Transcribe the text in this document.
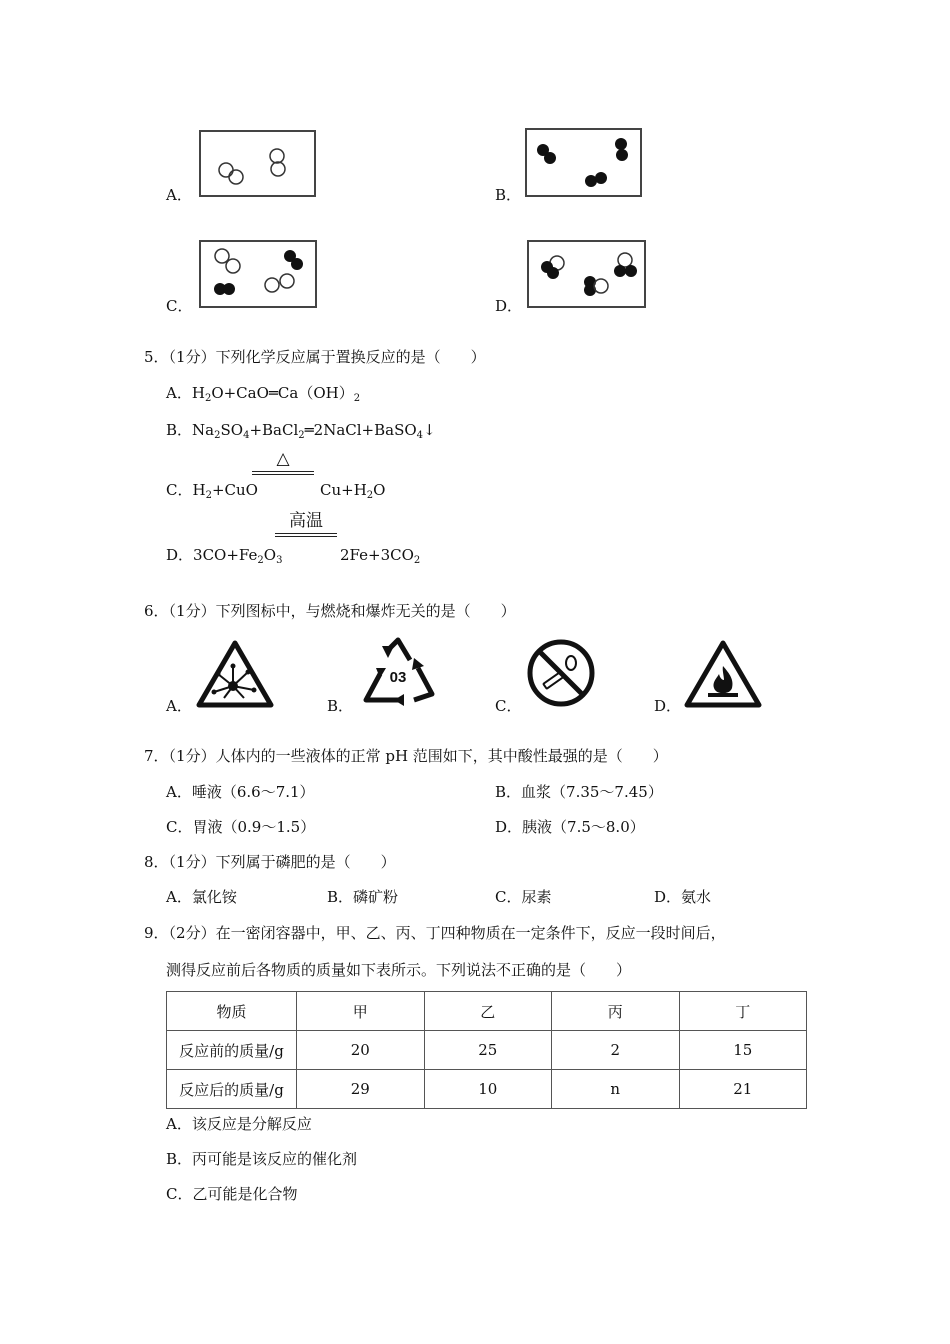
A．	B．
C．	D．
5．（1分）下列化学反应属于置换反应的是（　　）
A．$H_2O+CaO═Ca(OH)_2$
B．$Na_2SO_4+BaCl_2═2NaCl+BaSO_4↓$
C．$H_2+CuO$
△
$Cu+H_2O$
D．$3CO+Fe_2O_3$
高温
$2Fe+3CO_2$
6．（1分）下列图标中，与燃烧和爆炸无关的是（　　）
A．	B．
03
C．	D．
7．（1分）人体内的一些液体的正常 pH 范围如下，其中酸性最强的是（　　）
A．唾液（6.6～7.1）	B．血浆（7.35～7.45）
C．胃液（0.9～1.5）	D．胰液（7.5～8.0）
8．（1分）下列属于磷肥的是（　　）
A．氯化铵	B．磷矿粉	C．尿素	D．氨水
9．（2分）在一密闭容器中，甲、乙、丙、丁四种物质在一定条件下，反应一段时间后，
测得反应前后各物质的质量如下表所示。下列说法不正确的是（　　）
物质	甲	乙	丙	丁
反应前的质量/g	20	25	2	15
反应后的质量/g	29	10	n	21
A．该反应是分解反应
B．丙可能是该反应的催化剂
C．乙可能是化合物
